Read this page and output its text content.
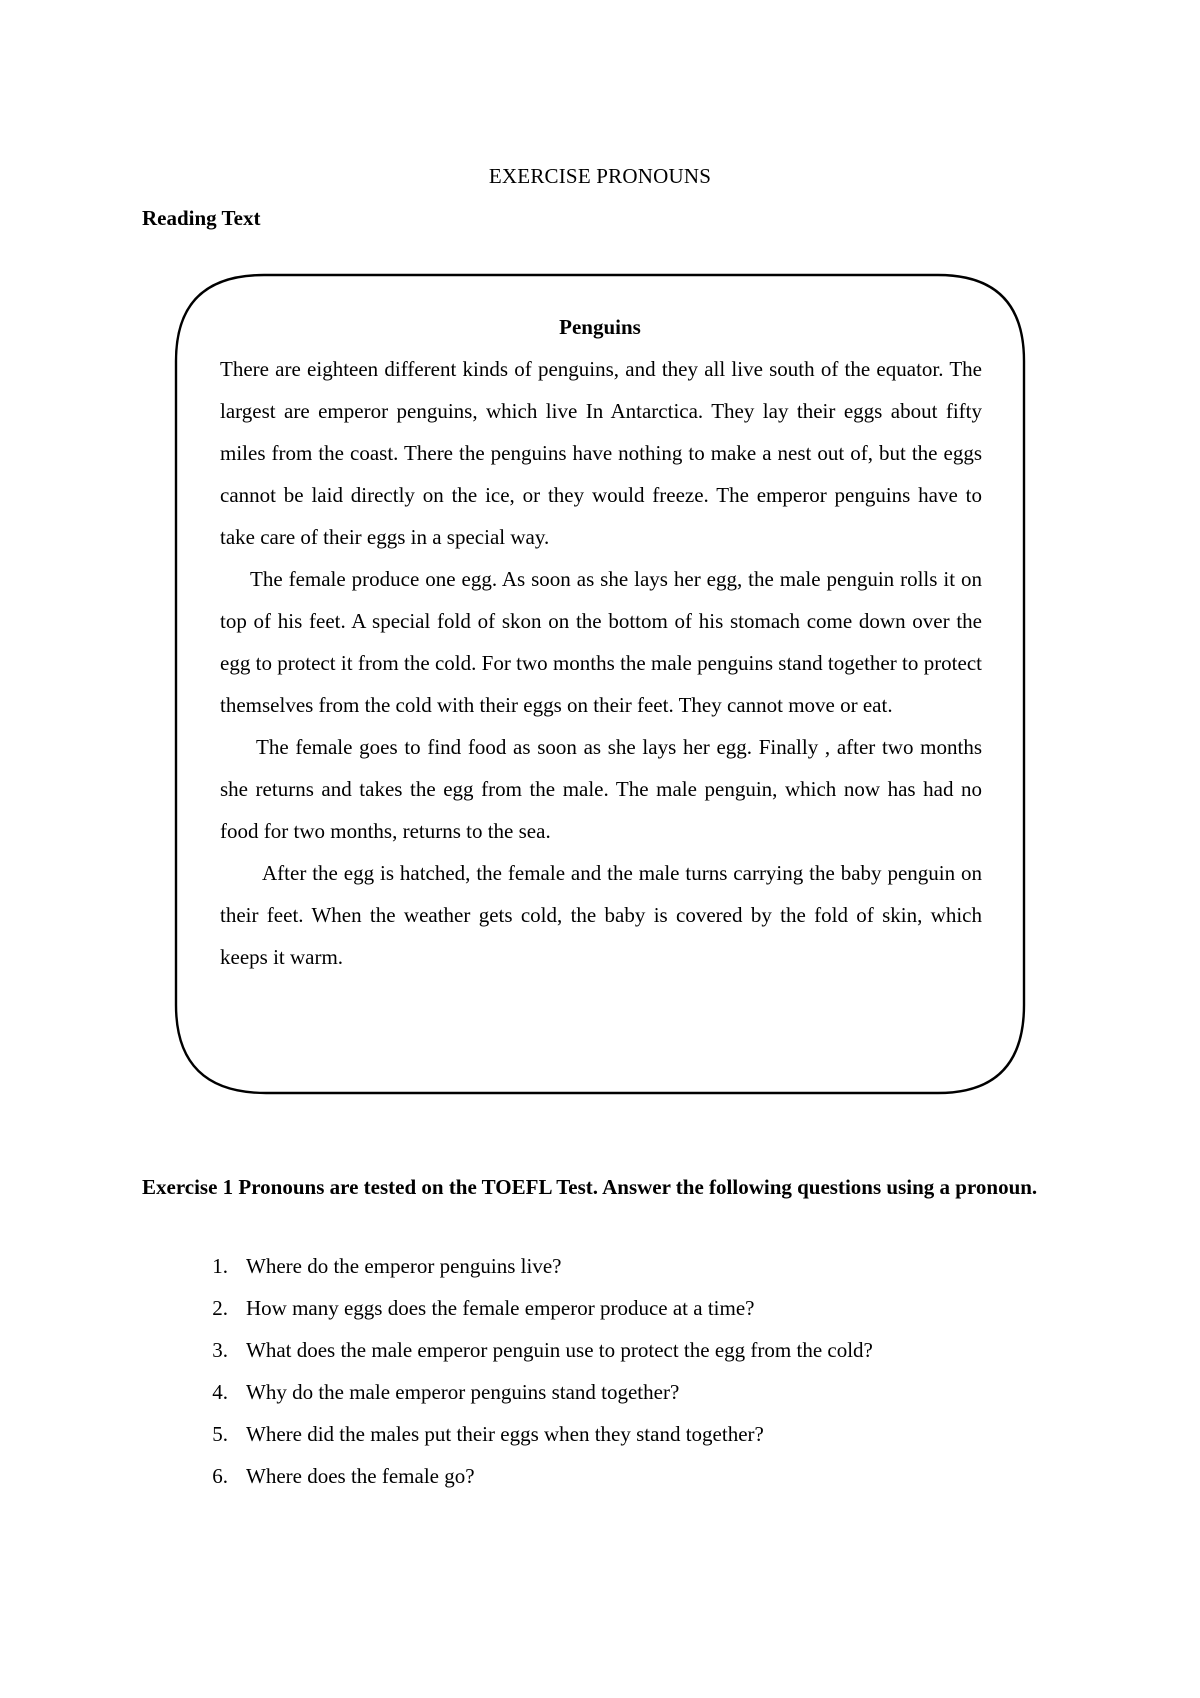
EXERCISE PRONOUNS
Reading Text
Penguins

There are eighteen different kinds of penguins, and they all live south of the equator. The largest are emperor penguins, which live In Antarctica. They lay their eggs about fifty miles from the coast. There the penguins have nothing to make a nest out of, but the eggs cannot be laid directly on the ice, or they would freeze. The emperor penguins have to take care of their eggs in a special way.

The female produce one egg. As soon as she lays her egg, the male penguin rolls it on top of his feet. A special fold of skon on the bottom of his stomach come down over the egg to protect it from the cold. For two months the male penguins stand together to protect themselves from the cold with their eggs on their feet. They cannot move or eat.

The female goes to find food as soon as she lays her egg. Finally , after two months she returns and takes the egg from the male. The male penguin, which now has had no food for two months, returns to the sea.

After the egg is hatched, the female and the male turns carrying the baby penguin on their feet. When the weather gets cold, the baby is covered by the fold of skin, which keeps it warm.

Exercise 1 Pronouns are tested on the TOEFL Test. Answer the following questions using a pronoun.
1. Where do the emperor penguins live?
2. How many eggs does the female emperor produce at a time?
3. What does the male emperor penguin use to protect the egg from the cold?
4. Why do the male emperor penguins stand together?
5. Where did the males put their eggs when they stand together?
6. Where does the female go?
